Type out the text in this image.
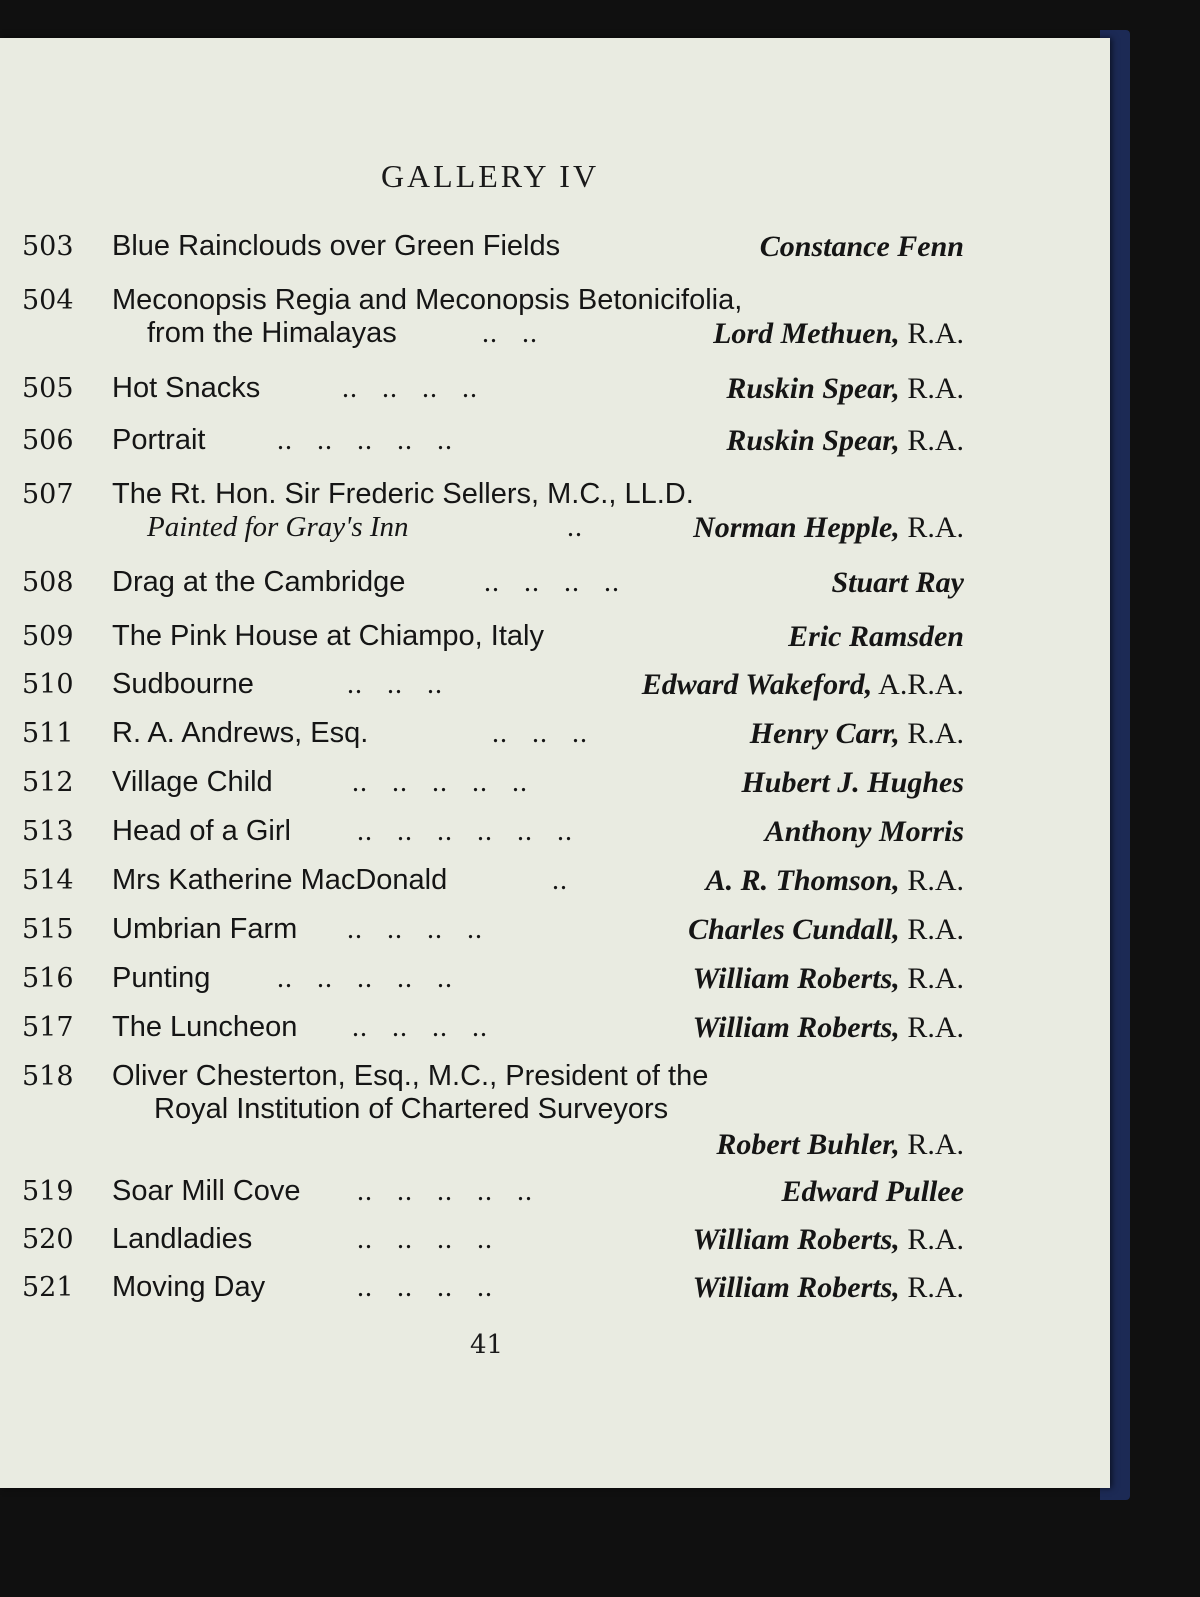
GALLERY IV
503	Blue Rainclouds over Green Fields	Constance Fenn
504	Meconopsis Regia and Meconopsis Betonicifolia,
from the Himalayas	..   ..	Lord Methuen, R.A.
505	Hot Snacks	..   ..   ..   ..	Ruskin Spear, R.A.
506	Portrait	..   ..   ..   ..   ..	Ruskin Spear, R.A.
507	The Rt. Hon. Sir Frederic Sellers, M.C., LL.D.
Painted for Gray's Inn	..	Norman Hepple, R.A.
508	Drag at the Cambridge	..   ..   ..   ..	Stuart Ray
509	The Pink House at Chiampo, Italy	Eric Ramsden
510	Sudbourne	..   ..   ..	Edward Wakeford, A.R.A.
511	R. A. Andrews, Esq.	..   ..   ..	Henry Carr, R.A.
512	Village Child	..   ..   ..   ..   ..	Hubert J. Hughes
513	Head of a Girl ..   ..   ..   ..   ..   ..	Anthony Morris
514	Mrs Katherine MacDonald	..	A. R. Thomson, R.A.
515	Umbrian Farm ..   ..   ..   ..	Charles Cundall, R.A.
516	Punting ..   ..   ..   ..   ..	William Roberts, R.A.
517	The Luncheon ..   ..   ..   ..	William Roberts, R.A.
518	Oliver Chesterton, Esq., M.C., President of the
Royal Institution of Chartered Surveyors
Robert Buhler, R.A.
519	Soar Mill Cove ..   ..   ..   ..   ..	Edward Pullee
520	Landladies	..   ..   ..   ..	William Roberts, R.A.
521	Moving Day	..   ..   ..   ..	William Roberts, R.A.
41
